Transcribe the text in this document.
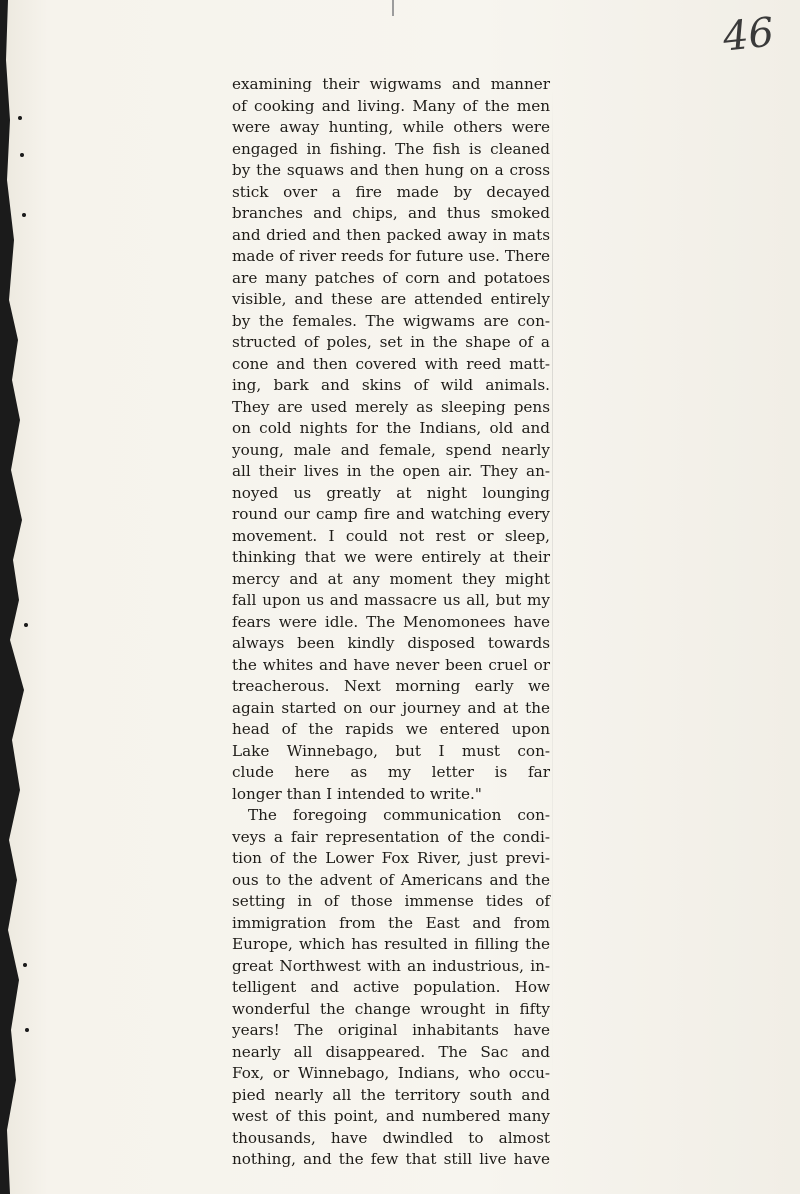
46
examining their wigwams and manner
of cooking and living. Many of the men
were away hunting, while others were
engaged in fishing. The fish is cleaned
by the squaws and then hung on a cross
stick over a fire made by decayed
branches and chips, and thus smoked
and dried and then packed away in mats
made of river reeds for future use. There
are many patches of corn and potatoes
visible, and these are attended entirely
by the females. The wigwams are con-
structed of poles, set in the shape of a
cone and then covered with reed matt-
ing, bark and skins of wild animals.
They are used merely as sleeping pens
on cold nights for the Indians, old and
young, male and female, spend nearly
all their lives in the open air. They an-
noyed us greatly at night lounging
round our camp fire and watching every
movement. I could not rest or sleep,
thinking that we were entirely at their
mercy and at any moment they might
fall upon us and massacre us all, but my
fears were idle. The Menomonees have
always been kindly disposed towards
the whites and have never been cruel or
treacherous. Next morning early we
again started on our journey and at the
head of the rapids we entered upon
Lake Winnebago, but I must con-
clude here as my letter is far
longer than I intended to write."
The foregoing communication con-
veys a fair representation of the condi-
tion of the Lower Fox River, just previ-
ous to the advent of Americans and the
setting in of those immense tides of
immigration from the East and from
Europe, which has resulted in filling the
great Northwest with an industrious, in-
telligent and active population. How
wonderful the change wrought in fifty
years! The original inhabitants have
nearly all disappeared. The Sac and
Fox, or Winnebago, Indians, who occu-
pied nearly all the territory south and
west of this point, and numbered many
thousands, have dwindled to almost
nothing, and the few that still live have
